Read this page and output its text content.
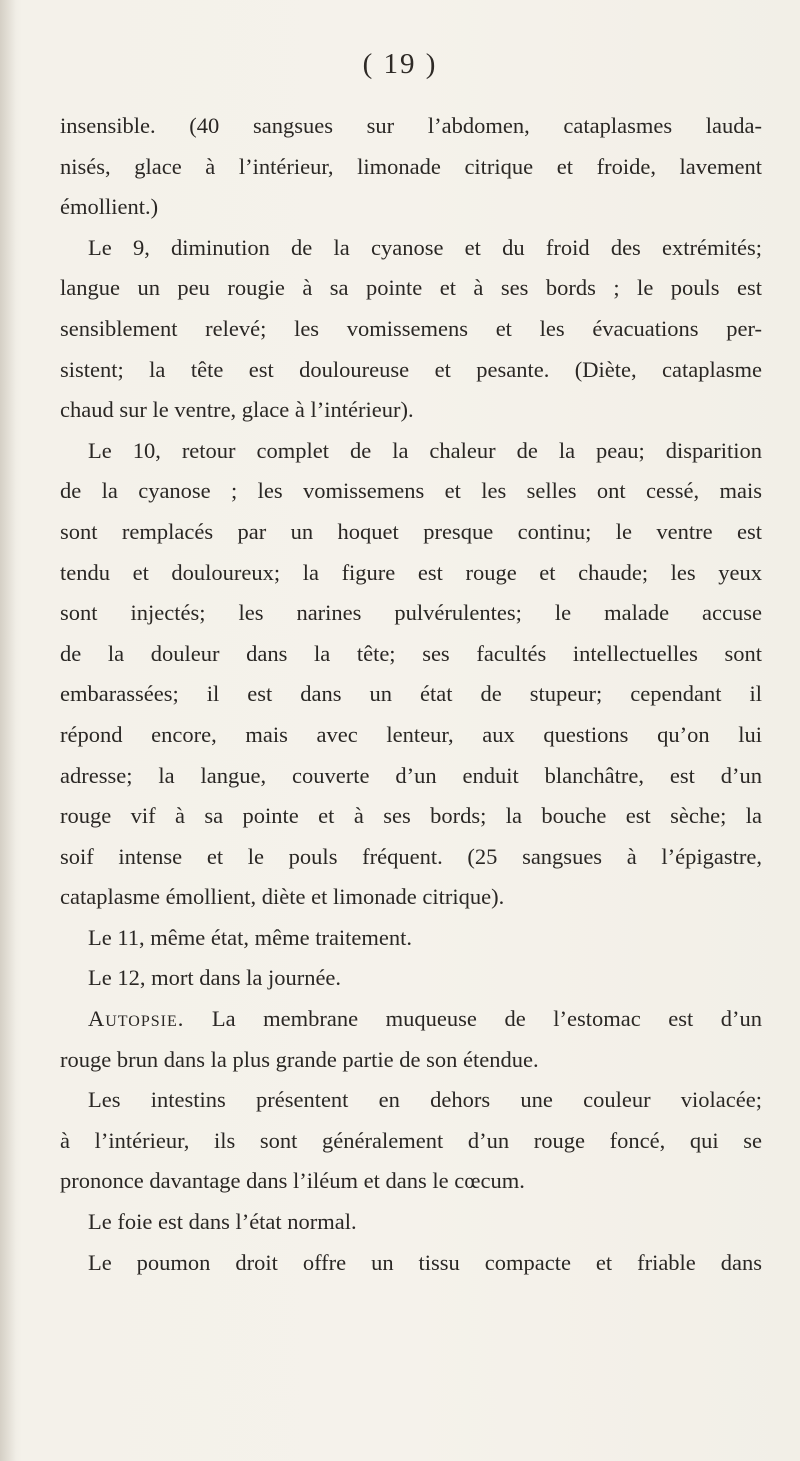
( 19 )
insensible. (40 sangsues sur l’abdomen, cataplasmes lauda-
nisés, glace à l’intérieur, limonade citrique et froide, lavement
émollient.)
Le 9, diminution de la cyanose et du froid des extrémités;
langue un peu rougie à sa pointe et à ses bords ; le pouls est
sensiblement relevé; les vomissemens et les évacuations per-
sistent; la tête est douloureuse et pesante. (Diète, cataplasme
chaud sur le ventre, glace à l’intérieur).
Le 10, retour complet de la chaleur de la peau; disparition
de la cyanose ; les vomissemens et les selles ont cessé, mais
sont remplacés par un hoquet presque continu; le ventre est
tendu et douloureux; la figure est rouge et chaude; les yeux
sont injectés; les narines pulvérulentes; le malade accuse
de la douleur dans la tête; ses facultés intellectuelles sont
embarassées; il est dans un état de stupeur; cependant il
répond encore, mais avec lenteur, aux questions qu’on lui
adresse; la langue, couverte d’un enduit blanchâtre, est d’un
rouge vif à sa pointe et à ses bords; la bouche est sèche; la
soif intense et le pouls fréquent. (25 sangsues à l’épigastre,
cataplasme émollient, diète et limonade citrique).
Le 11, même état, même traitement.
Le 12, mort dans la journée.
Autopsie. La membrane muqueuse de l’estomac est d’un
rouge brun dans la plus grande partie de son étendue.
Les intestins présentent en dehors une couleur violacée;
à l’intérieur, ils sont généralement d’un rouge foncé, qui se
prononce davantage dans l’iléum et dans le cœcum.
Le foie est dans l’état normal.
Le poumon droit offre un tissu compacte et friable dans
